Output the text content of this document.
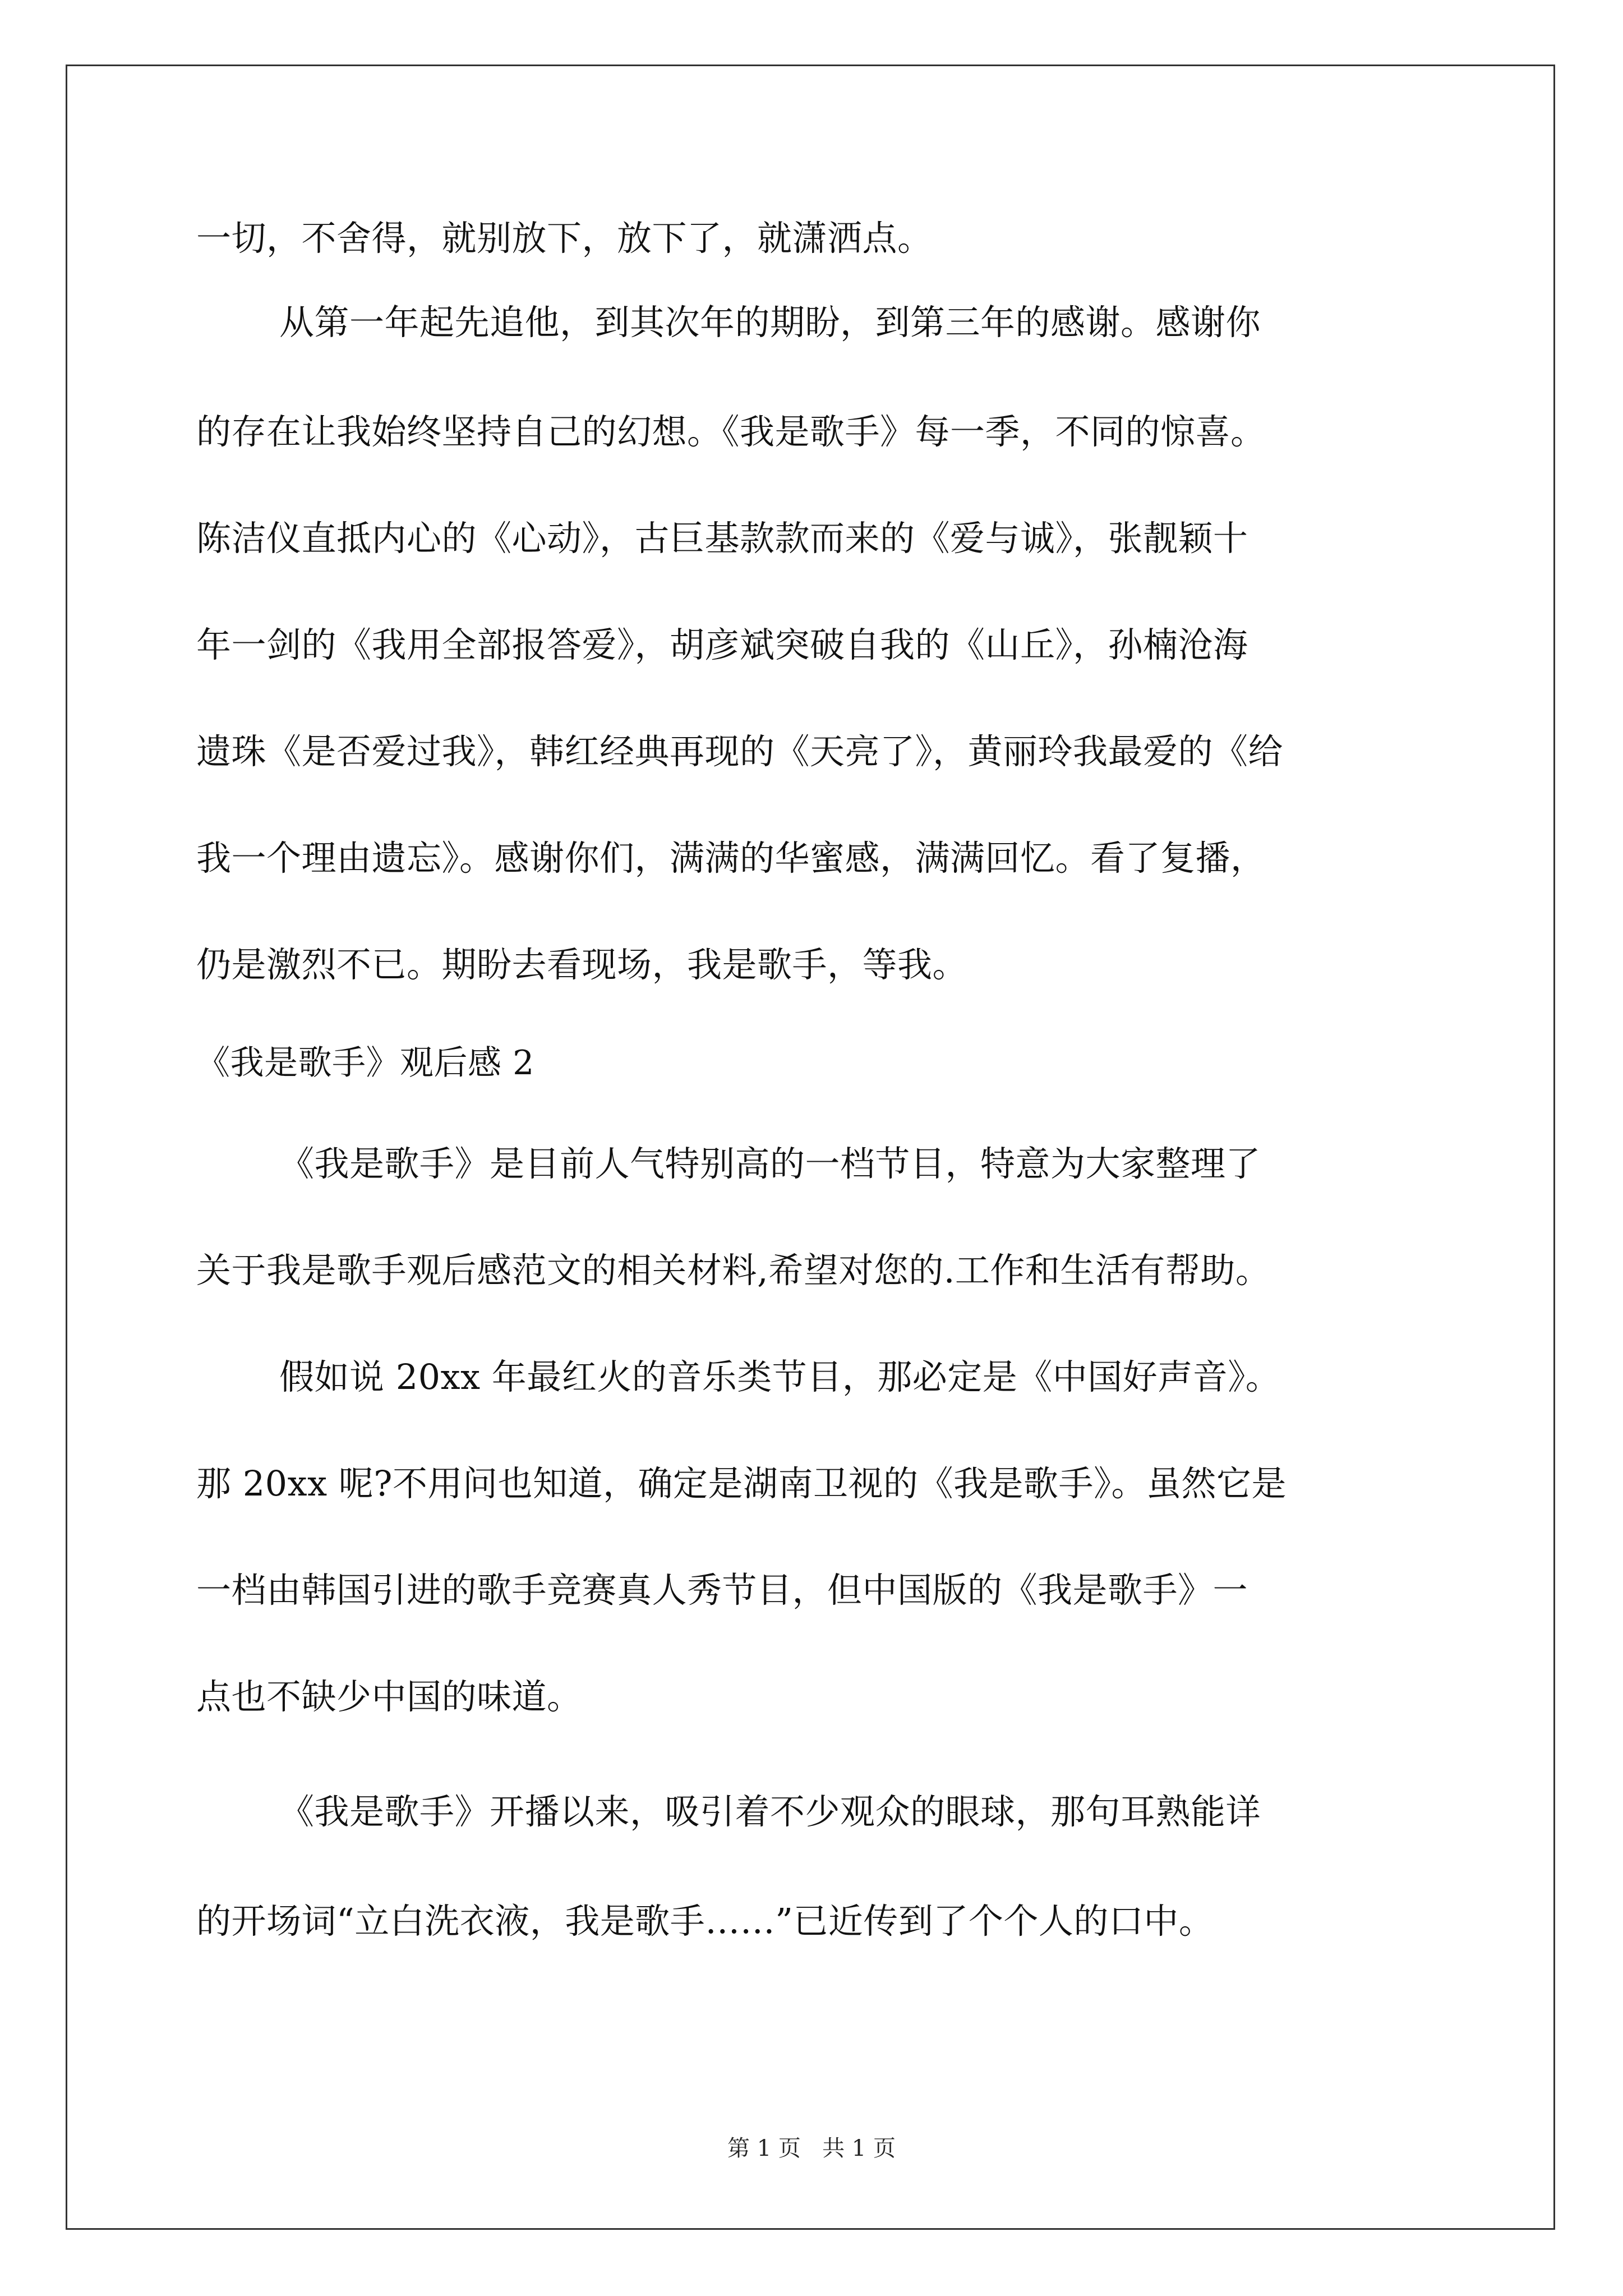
一切，不舍得，就别放下，放下了，就潇洒点。
从第一年起先追他，到其次年的期盼，到第三年的感谢。感谢你
的存在让我始终坚持自己的幻想。《我是歌手》每一季，不同的惊喜。
陈洁仪直抵内心的《心动》，古巨基款款而来的《爱与诚》，张靓颖十
年一剑的《我用全部报答爱》，胡彦斌突破自我的《山丘》，孙楠沧海
遗珠《是否爱过我》，韩红经典再现的《天亮了》，黄丽玲我最爱的《给
我一个理由遗忘》。感谢你们，满满的华蜜感，满满回忆。看了复播，
仍是激烈不已。期盼去看现场，我是歌手，等我。
《我是歌手》观后感 2
《我是歌手》是目前人气特别高的一档节目，特意为大家整理了
关于我是歌手观后感范文的相关材料,希望对您的.工作和生活有帮助。
假如说 20xx 年最红火的音乐类节目，那必定是《中国好声音》。
那 20xx 呢?不用问也知道，确定是湖南卫视的《我是歌手》。虽然它是
一档由韩国引进的歌手竞赛真人秀节目，但中国版的《我是歌手》一
点也不缺少中国的味道。
《我是歌手》开播以来，吸引着不少观众的眼球，那句耳熟能详
的开场词“立白洗衣液，我是歌手……”已近传到了个个人的口中。
第 1 页   共 1 页
